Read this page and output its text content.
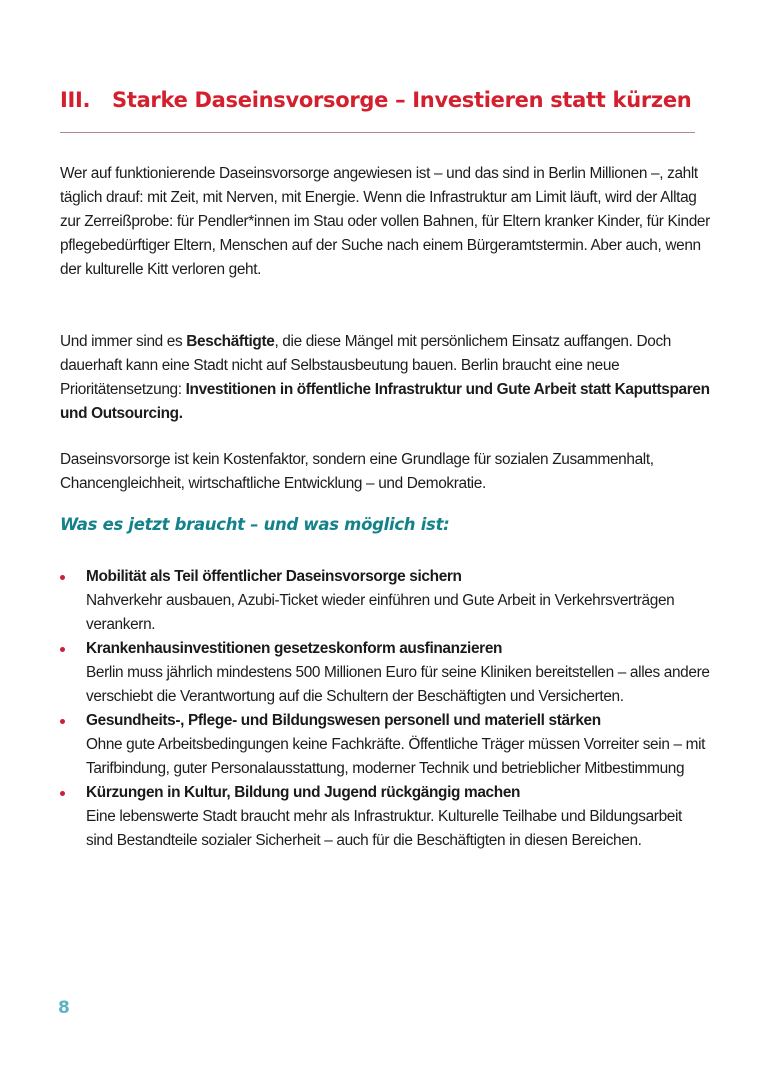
III.	Starke Daseinsvorsorge – Investieren statt kürzen

Wer auf funktionierende Daseinsvorsorge angewiesen ist – und das sind in Berlin Millionen –, zahlt täglich drauf: mit Zeit, mit Nerven, mit Energie. Wenn die Infrastruktur am Limit läuft, wird der Alltag zur Zerreißprobe: für Pendler*innen im Stau oder vollen Bahnen, für Eltern kranker Kinder, für Kinder pflegebedürftiger Eltern, Menschen auf der Suche nach einem Bürgeramtstermin. Aber auch, wenn der kulturelle Kitt verloren geht.

Und immer sind es Beschäftigte, die diese Mängel mit persönlichem Einsatz auffangen. Doch dauerhaft kann eine Stadt nicht auf Selbstausbeutung bauen. Berlin braucht eine neue Prioritätensetzung: Investitionen in öffentliche Infrastruktur und Gute Arbeit statt Kaputtsparen und Outsourcing.

Daseinsvorsorge ist kein Kostenfaktor, sondern eine Grundlage für sozialen Zusammenhalt, Chancengleichheit, wirtschaftliche Entwicklung – und Demokratie.

Was es jetzt braucht – und was möglich ist:
Mobilität als Teil öffentlicher Daseinsvorsorge sichern
Nahverkehr ausbauen, Azubi-Ticket wieder einführen und Gute Arbeit in Verkehrsverträgen verankern.
Krankenhausinvestitionen gesetzeskonform ausfinanzieren
Berlin muss jährlich mindestens 500 Millionen Euro für seine Kliniken bereitstellen – alles andere verschiebt die Verantwortung auf die Schultern der Beschäftigten und Versicherten.
Gesundheits-, Pflege- und Bildungswesen personell und materiell stärken
Ohne gute Arbeitsbedingungen keine Fachkräfte. Öffentliche Träger müssen Vorreiter sein – mit Tarifbindung, guter Personalausstattung, moderner Technik und betrieblicher Mitbestimmung
Kürzungen in Kultur, Bildung und Jugend rückgängig machen
Eine lebenswerte Stadt braucht mehr als Infrastruktur. Kulturelle Teilhabe und Bildungsarbeit sind Bestandteile sozialer Sicherheit – auch für die Beschäftigten in diesen Bereichen.
8
